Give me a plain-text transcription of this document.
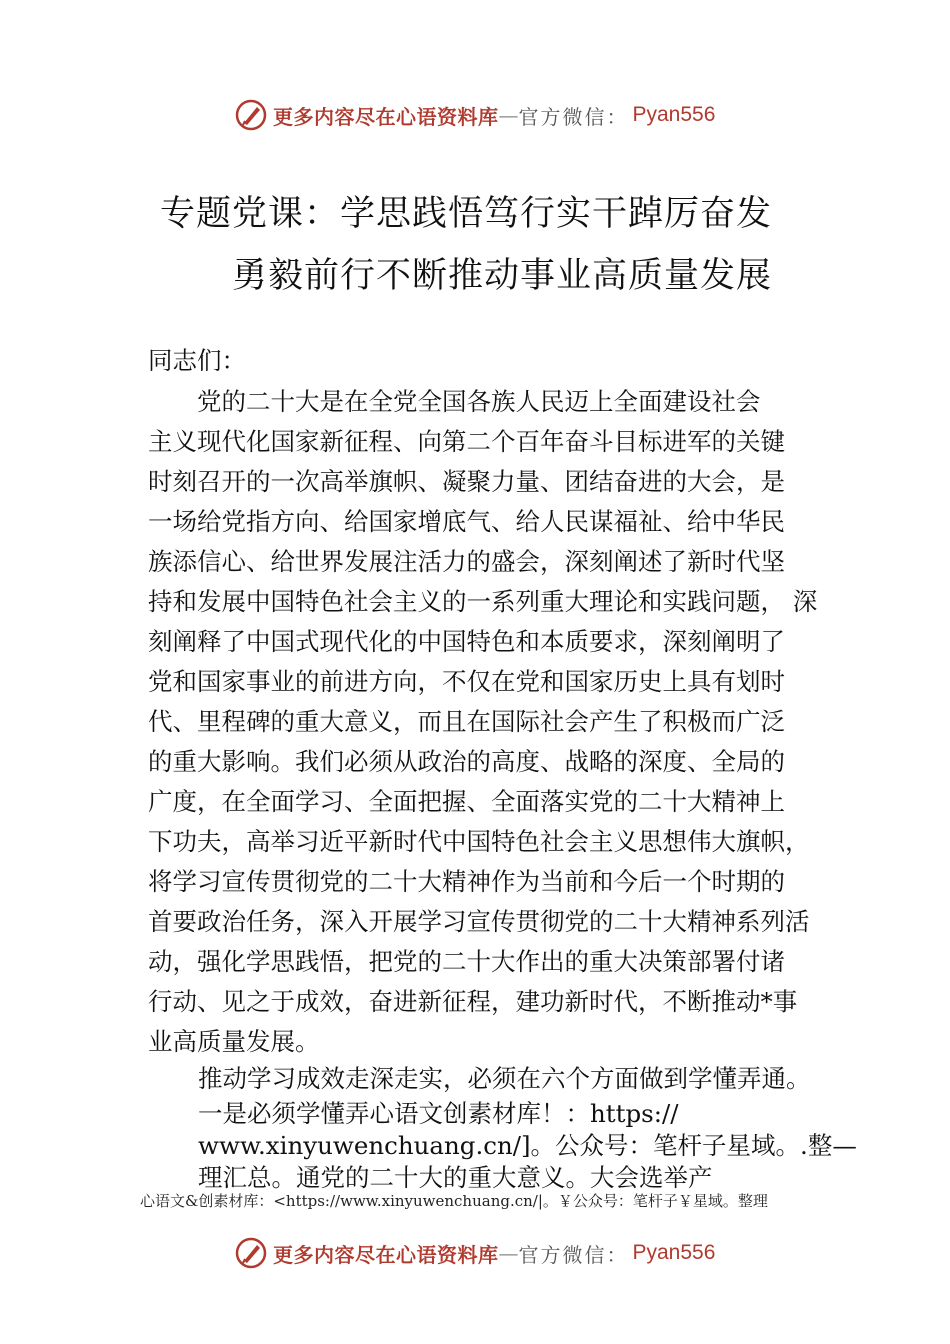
更多内容尽在心语资料库 — 官方微信： Pyan556
专题党课：学思践悟笃行实干踔厉奋发
勇毅前行不断推动事业高质量发展
同志们：
　　党的二十大是在全党全国各族人民迈上全面建设社会
主义现代化国家新征程、向第二个百年奋斗目标进军的关键
时刻召开的一次高举旗帜、凝聚力量、团结奋进的大会，是
一场给党指方向、给国家增底气、给人民谋福祉、给中华民
族添信心、给世界发展注活力的盛会，深刻阐述了新时代坚
持和发展中国特色社会主义的一系列重大理论和实践问题， 深
刻阐释了中国式现代化的中国特色和本质要求，深刻阐明了
党和国家事业的前进方向，不仅在党和国家历史上具有划时
代、里程碑的重大意义，而且在国际社会产生了积极而广泛
的重大影响。我们必须从政治的高度、战略的深度、全局的
广度，在全面学习、全面把握、全面落实党的二十大精神上
下功夫，高举习近平新时代中国特色社会主义思想伟大旗帜，
将学习宣传贯彻党的二十大精神作为当前和今后一个时期的
首要政治任务，深入开展学习宣传贯彻党的二十大精神系列活
动，强化学思践悟，把党的二十大作出的重大决策部署付诸
行动、见之于成效，奋进新征程，建功新时代，不断推动*事
业高质量发展。
推动学习成效走深走实，必须在六个方面做到学懂弄通。
一是必须学懂弄心语文创素材库！：https://
www.xinyuwenchuang.cn/]。公众号：笔杆子星域。.整—
理汇总。通党的二十大的重大意义。大会选举产
心语文&创素材库：<https://www.xinyuwenchuang.cn/|。￥公众号：笔杆子￥星域。整理
更多内容尽在心语资料库 — 官方微信： Pyan556
